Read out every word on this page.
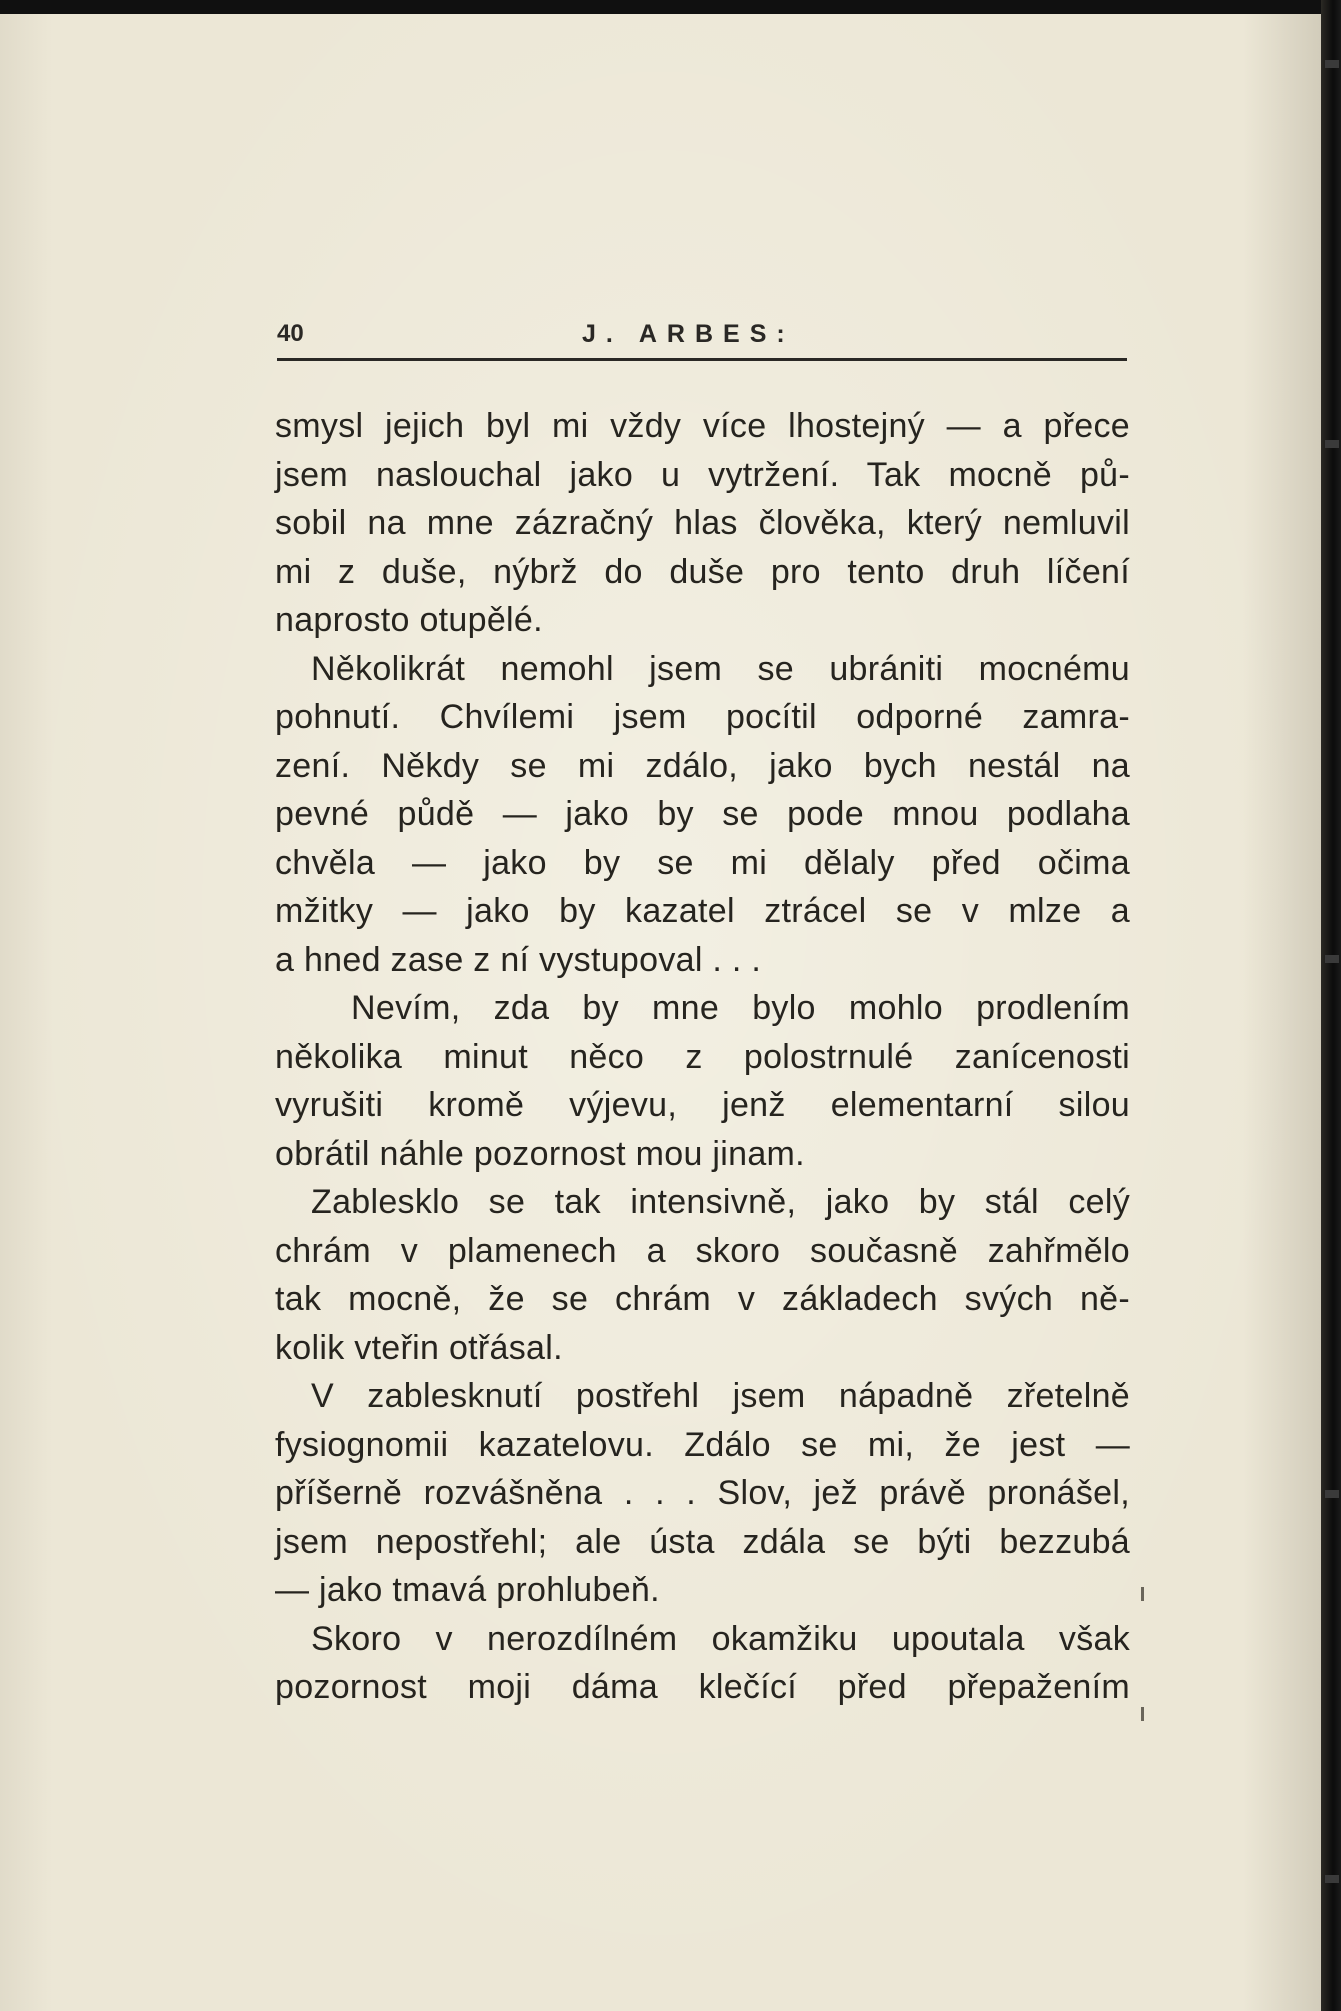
40	J. ARBES:
smysl jejich byl mi vždy více lhostejný — a přece
jsem naslouchal jako u vytržení. Tak mocně pů-
sobil na mne zázračný hlas člověka, který nemluvil
mi z duše, nýbrž do duše pro tento druh líčení
naprosto otupělé.
Několikrát nemohl jsem se ubrániti mocnému
pohnutí. Chvílemi jsem pocítil odporné zamra-
zení. Někdy se mi zdálo, jako bych nestál na
pevné půdě — jako by se pode mnou podlaha
chvěla — jako by se mi dělaly před očima
mžitky — jako by kazatel ztrácel se v mlze a
a hned zase z ní vystupoval . . .
Nevím, zda by mne bylo mohlo prodlením
několika minut něco z polostrnulé zanícenosti
vyrušiti kromě výjevu, jenž elementarní silou
obrátil náhle pozornost mou jinam.
Zablesklo se tak intensivně, jako by stál celý
chrám v plamenech a skoro současně zahřmělo
tak mocně, že se chrám v základech svých ně-
kolik vteřin otřásal.
V zablesknutí postřehl jsem nápadně zřetelně
fysiognomii kazatelovu. Zdálo se mi, že jest —
příšerně rozvášněna . . . Slov, jež právě pronášel,
jsem nepostřehl; ale ústa zdála se býti bezzubá
— jako tmavá prohlubeň.
Skoro v nerozdílném okamžiku upoutala však
pozornost moji dáma klečící před přepažením
